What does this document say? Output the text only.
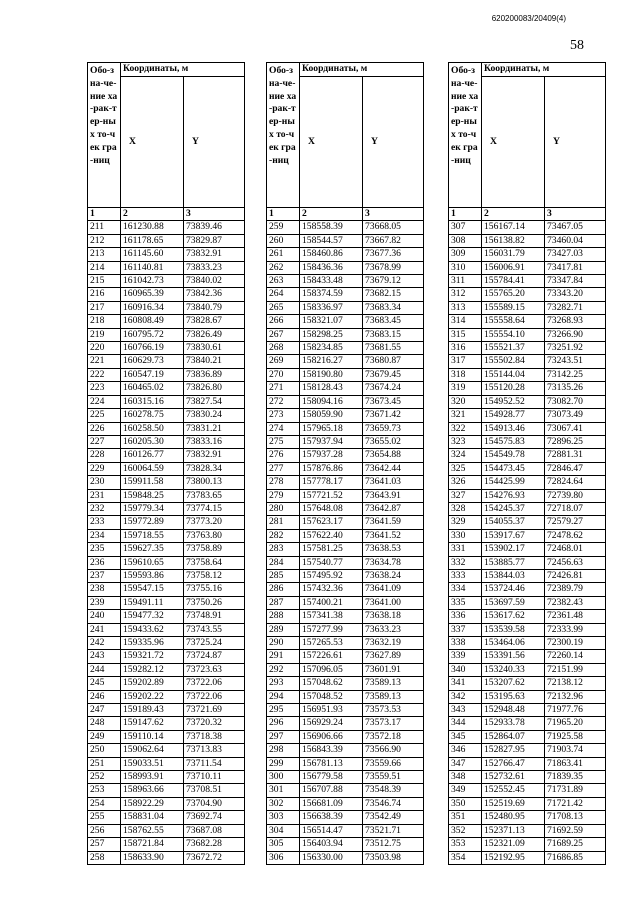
620200083/20409(4)
58
Обо-зна-че-ние ха-рак-тер-ных то-чек гра-ниц	Координаты, м	
	X	Y
1	2	3
211	161230.88	73839.46
212	161178.65	73829.87
213	161145.60	73832.91
214	161140.81	73833.23
215	161042.73	73840.02
216	160965.39	73842.36
217	160916.34	73840.79
218	160808.49	73828.67
219	160795.72	73826.49
220	160766.19	73830.61
221	160629.73	73840.21
222	160547.19	73836.89
223	160465.02	73826.80
224	160315.16	73827.54
225	160278.75	73830.24
226	160258.50	73831.21
227	160205.30	73833.16
228	160126.77	73832.91
229	160064.59	73828.34
230	159911.58	73800.13
231	159848.25	73783.65
232	159779.34	73774.15
233	159772.89	73773.20
234	159718.55	73763.80
235	159627.35	73758.89
236	159610.65	73758.64
237	159593.86	73758.12
238	159547.15	73755.16
239	159491.11	73750.26
240	159477.32	73748.91
241	159433.62	73743.55
242	159335.96	73725.24
243	159321.72	73724.87
244	159282.12	73723.63
245	159202.89	73722.06
246	159202.22	73722.06
247	159189.43	73721.69
248	159147.62	73720.32
249	159110.14	73718.38
250	159062.64	73713.83
251	159033.51	73711.54
252	158993.91	73710.11
253	158963.66	73708.51
254	158922.29	73704.90
255	158831.04	73692.74
256	158762.55	73687.08
257	158721.84	73682.28
258	158633.90	73672.72
Обо-зна-че-ние ха-рак-тер-ных то-чек гра-ниц	Координаты, м	
	X	Y
1	2	3
259	158558.39	73668.05
260	158544.57	73667.82
261	158460.86	73677.36
262	158436.36	73678.99
263	158433.48	73679.12
264	158374.59	73682.15
265	158336.97	73683.34
266	158321.07	73683.45
267	158298.25	73683.15
268	158234.85	73681.55
269	158216.27	73680.87
270	158190.80	73679.45
271	158128.43	73674.24
272	158094.16	73673.45
273	158059.90	73671.42
274	157965.18	73659.73
275	157937.94	73655.02
276	157937.28	73654.88
277	157876.86	73642.44
278	157778.17	73641.03
279	157721.52	73643.91
280	157648.08	73642.87
281	157623.17	73641.59
282	157622.40	73641.52
283	157581.25	73638.53
284	157540.77	73634.78
285	157495.92	73638.24
286	157432.36	73641.09
287	157400.21	73641.00
288	157341.38	73638.18
289	157277.99	73633.23
290	157265.53	73632.19
291	157226.61	73627.89
292	157096.05	73601.91
293	157048.62	73589.13
294	157048.52	73589.13
295	156951.93	73573.53
296	156929.24	73573.17
297	156906.66	73572.18
298	156843.39	73566.90
299	156781.13	73559.66
300	156779.58	73559.51
301	156707.88	73548.39
302	156681.09	73546.74
303	156638.39	73542.49
304	156514.47	73521.71
305	156403.94	73512.75
306	156330.00	73503.98
Обо-зна-че-ние ха-рак-тер-ных то-чек гра-ниц	Координаты, м	
	X	Y
1	2	3
307	156167.14	73467.05
308	156138.82	73460.04
309	156031.79	73427.03
310	156006.91	73417.81
311	155784.41	73347.84
312	155765.20	73343.20
313	155589.15	73282.71
314	155558.64	73268.93
315	155554.10	73266.90
316	155521.37	73251.92
317	155502.84	73243.51
318	155144.04	73142.25
319	155120.28	73135.26
320	154952.52	73082.70
321	154928.77	73073.49
322	154913.46	73067.41
323	154575.83	72896.25
324	154549.78	72881.31
325	154473.45	72846.47
326	154425.99	72824.64
327	154276.93	72739.80
328	154245.37	72718.07
329	154055.37	72579.27
330	153917.67	72478.62
331	153902.17	72468.01
332	153885.77	72456.63
333	153844.03	72426.81
334	153724.46	72389.79
335	153697.59	72382.43
336	153617.62	72361.48
337	153539.58	72333.99
338	153464.06	72300.19
339	153391.56	72260.14
340	153240.33	72151.99
341	153207.62	72138.12
342	153195.63	72132.96
343	152948.48	71977.76
344	152933.78	71965.20
345	152864.07	71925.58
346	152827.95	71903.74
347	152766.47	71863.41
348	152732.61	71839.35
349	152552.45	71731.89
350	152519.69	71721.42
351	152480.95	71708.13
352	152371.13	71692.59
353	152321.09	71689.25
354	152192.95	71686.85
